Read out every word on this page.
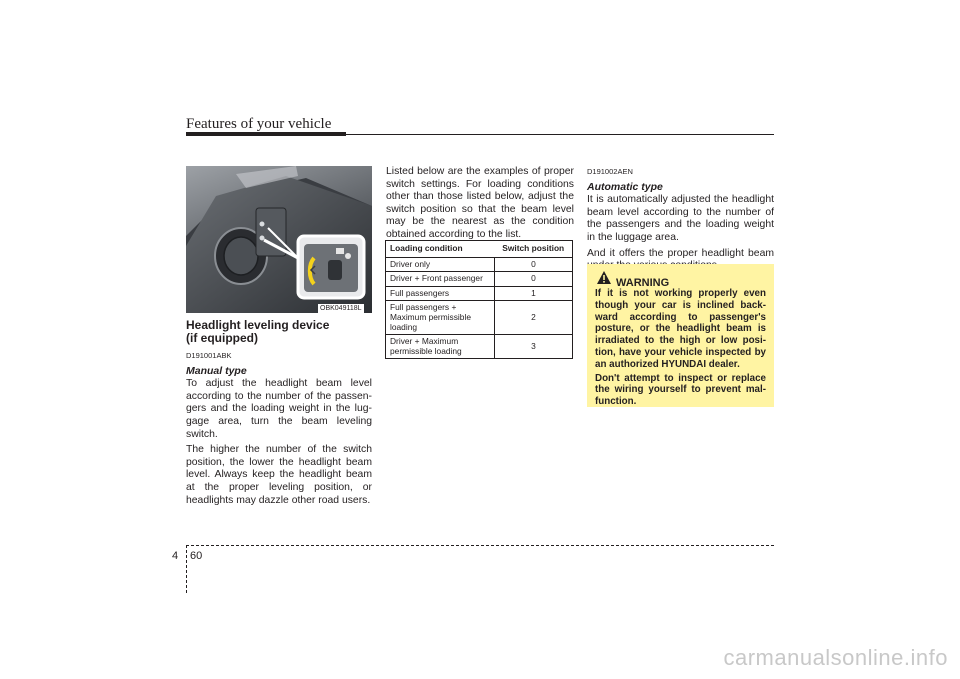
Features of your vehicle
OBK049118L
Headlight leveling device
(if equipped)
D191001ABK
Manual type

To adjust the headlight beam level according to the number of the passen-gers and the loading weight in the lug-gage area, turn the beam leveling switch.

The higher the number of the switch position, the lower the headlight beam level. Always keep the headlight beam at the proper leveling position, or headlights may dazzle other road users.

Listed below are the examples of proper switch settings. For loading conditions other than those listed below, adjust the switch position so that the beam level may be the nearest as the condition obtained according to the list.

Loading condition	Switch position
Driver only	0
Driver + Front passenger	0
Full passengers	1
Full passengers + Maximum permissible loading	2
Driver + Maximum permissible loading	3
D191002AEN
Automatic type

It is automatically adjusted the headlight beam level according to the number of the passengers and the loading weight in the luggage area.

And it offers the proper headlight beam

WARNING

If it is not working properly even though your car is inclined back-ward according to passenger's posture, or the headlight beam is irradiated to the high or low posi-tion, have your vehicle inspected by an authorized HYUNDAI dealer.

Don't attempt to inspect or replace the wiring yourself to prevent mal-function.

4 60
carmanualsonline.info
